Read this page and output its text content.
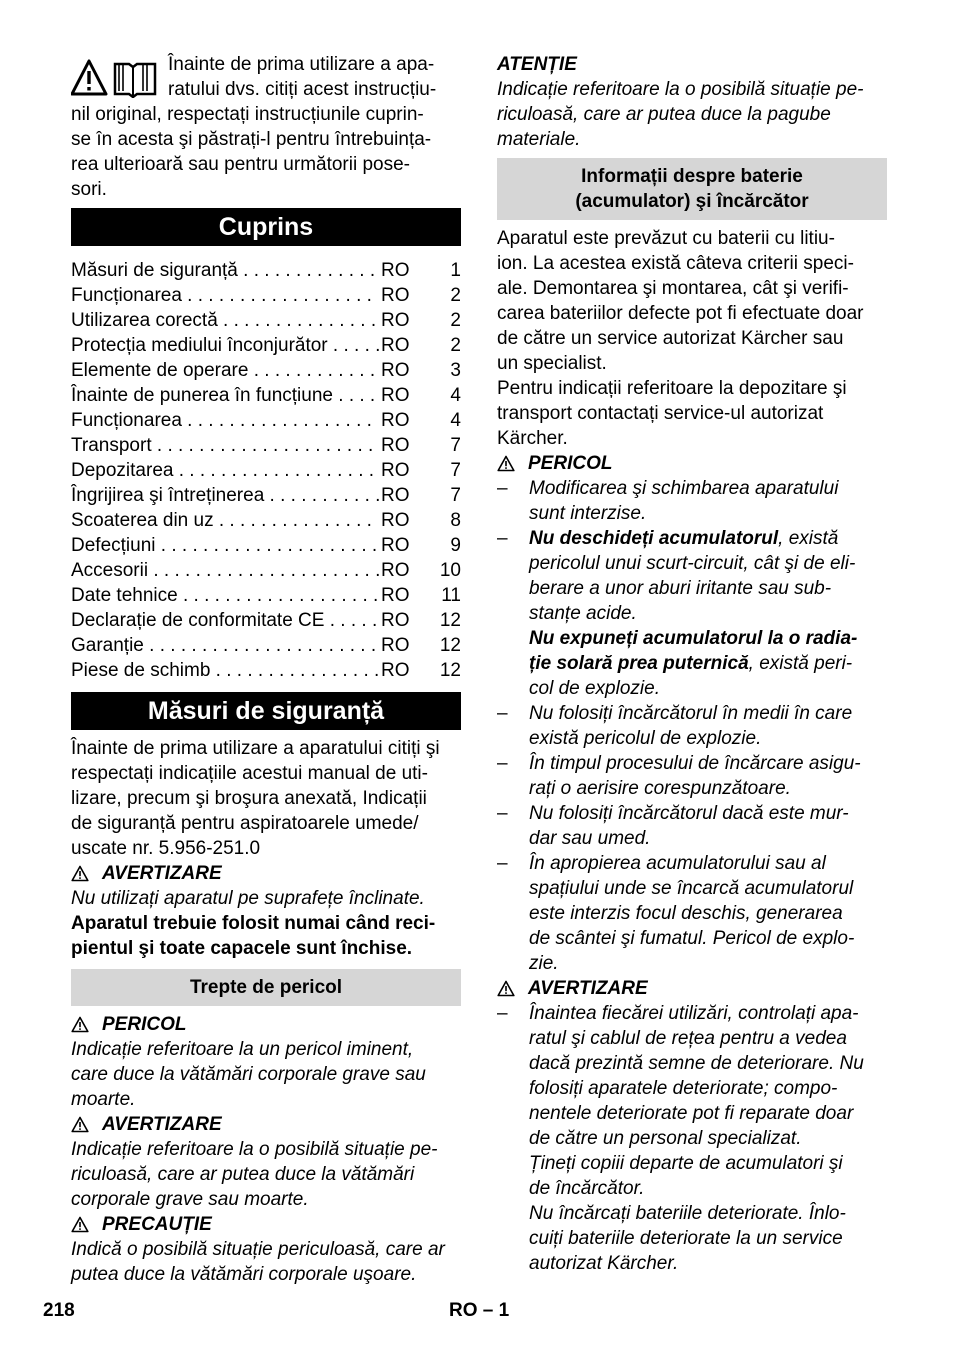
Înainte de prima utilizare a apa-

ratului dvs. citiți acest instrucțiu-

nil original, respectați instrucțiunile cuprin-

se în acesta şi păstrați-l pentru întrebuința-

rea ulterioară sau pentru următorii pose-

sori.

Cuprins
Măsuri de siguranță . . .	RO	1
Funcționarea . . .	RO	2
Utilizarea corectă . . .	RO	2
Protecția mediului înconjurător . . .	RO	2
Elemente de operare . . .	RO	3
Înainte de punerea în funcțiune . . .	RO	4
Funcționarea . . .	RO	4
Transport . . .	RO	7
Depozitarea . . .	RO	7
Îngrijirea şi întreținerea . . .	RO	7
Scoaterea din uz . . .	RO	8
Defecțiuni . . .	RO	9
Accesorii . . .	RO	10
Date tehnice . . .	RO	11
Declarație de conformitate CE . . .	RO	12
Garanție . . .	RO	12
Piese de schimb . . .	RO	12
Măsuri de siguranță

Înainte de prima utilizare a aparatului citiți şi

respectați indicațiile acestui manual de uti-

lizare, precum şi broşura anexată, Indicații

de siguranță pentru aspiratoarele umede/

uscate nr. 5.956-251.0

AVERTIZARE

Nu utilizați aparatul pe suprafețe înclinate.

Aparatul trebuie folosit numai când reci-

pientul şi toate capacele sunt închise.

Trepte de pericol
PERICOL

Indicație referitoare la un pericol iminent,

care duce la vătămări corporale grave sau

moarte.

AVERTIZARE

Indicație referitoare la o posibilă situație pe-

riculoasă, care ar putea duce la vătămări

corporale grave sau moarte.

PRECAUȚIE

Indică o posibilă situație periculoasă, care ar

putea duce la vătămări corporale uşoare.

ATENȚIE

Indicație referitoare la o posibilă situație pe-

riculoasă, care ar putea duce la pagube

materiale.

Informații despre baterie
(acumulator) şi încărcător

Aparatul este prevăzut cu baterii cu litiu-

ion. La acestea există câteva criterii speci-

ale. Demontarea şi montarea, cât şi verifi-

carea bateriilor defecte pot fi efectuate doar

de către un service autorizat Kärcher sau

un specialist.

Pentru indicații referitoare la depozitare şi

transport contactați service-ul autorizat

Kärcher.

PERICOL
–	Modificarea şi schimbarea aparatului
sunt interzise.
–	Nu deschideți acumulatorul, există
pericolul unui scurt-circuit, cât şi de eli-
berare a unor aburi iritante sau sub-
stanțe acide.
Nu expuneți acumulatorul la o radia-
ție solară prea puternică, există peri-
col de explozie.
–	Nu folosiți încărcătorul în medii în care
există pericolul de explozie.
–	În timpul procesului de încărcare asigu-
rați o aerisire corespunzătoare.
–	Nu folosiți încărcătorul dacă este mur-
dar sau umed.
–	În apropierea acumulatorului sau al
spațiului unde se încarcă acumulatorul
este interzis focul deschis, generarea
de scântei şi fumatul. Pericol de explo-
zie.
AVERTIZARE
–	Înaintea fiecărei utilizări, controlați apa-
ratul şi cablul de rețea pentru a vedea
dacă prezintă semne de deteriorare. Nu
folosiți aparatele deteriorate; compo-
nentele deteriorate pot fi reparate doar
de către un personal specializat.

Țineți copiii departe de acumulatori şi

de încărcător.

Nu încărcați bateriile deteriorate. Înlo-

cuiți bateriile deteriorate la un service

autorizat Kärcher.

218	RO – 1
